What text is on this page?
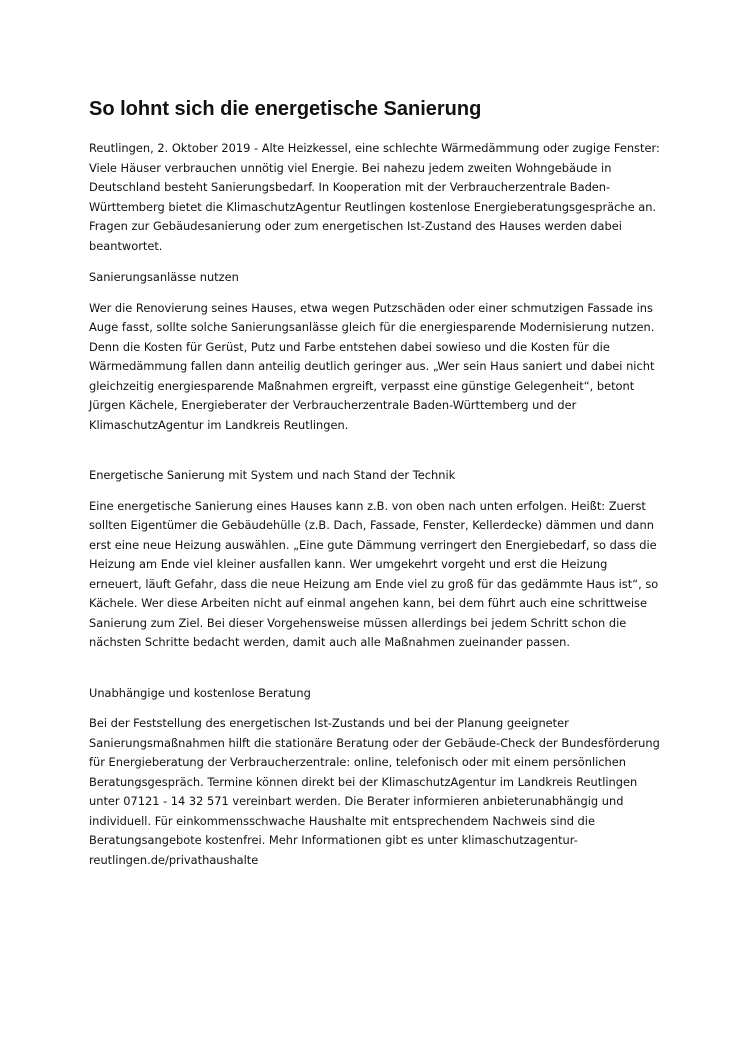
So lohnt sich die energetische Sanierung

Reutlingen, 2. Oktober 2019 - Alte Heizkessel, eine schlechte Wärmedämmung oder zugige Fenster: Viele Häuser verbrauchen unnötig viel Energie. Bei nahezu jedem zweiten Wohngebäude in Deutschland besteht Sanierungsbedarf. In Kooperation mit der Verbraucherzentrale Baden-Württemberg bietet die KlimaschutzAgentur Reutlingen kostenlose Energieberatungsgespräche an. Fragen zur Gebäudesanierung oder zum energetischen Ist-Zustand des Hauses werden dabei beantwortet.

Sanierungsanlässe nutzen

Wer die Renovierung seines Hauses, etwa wegen Putzschäden oder einer schmutzigen Fassade ins Auge fasst, sollte solche Sanierungsanlässe gleich für die energiesparende Modernisierung nutzen. Denn die Kosten für Gerüst, Putz und Farbe entstehen dabei sowieso und die Kosten für die Wärmedämmung fallen dann anteilig deutlich geringer aus. „Wer sein Haus saniert und dabei nicht gleichzeitig energiesparende Maßnahmen ergreift, verpasst eine günstige Gelegenheit“, betont Jürgen Kächele, Energieberater der Verbraucherzentrale Baden-Württemberg und der KlimaschutzAgentur im Landkreis Reutlingen.

Energetische Sanierung mit System und nach Stand der Technik

Eine energetische Sanierung eines Hauses kann z.B. von oben nach unten erfolgen. Heißt: Zuerst sollten Eigentümer die Gebäudehülle (z.B. Dach, Fassade, Fenster, Kellerdecke) dämmen und dann erst eine neue Heizung auswählen. „Eine gute Dämmung verringert den Energiebedarf, so dass die Heizung am Ende viel kleiner ausfallen kann. Wer umgekehrt vorgeht und erst die Heizung erneuert, läuft Gefahr, dass die neue Heizung am Ende viel zu groß für das gedämmte Haus ist“, so Kächele. Wer diese Arbeiten nicht auf einmal angehen kann, bei dem führt auch eine schrittweise Sanierung zum Ziel. Bei dieser Vorgehensweise müssen allerdings bei jedem Schritt schon die nächsten Schritte bedacht werden, damit auch alle Maßnahmen zueinander passen.

Unabhängige und kostenlose Beratung

Bei der Feststellung des energetischen Ist-Zustands und bei der Planung geeigneter Sanierungsmaßnahmen hilft die stationäre Beratung oder der Gebäude-Check der Bundesförderung für Energieberatung der Verbraucherzentrale: online, telefonisch oder mit einem persönlichen Beratungsgespräch. Termine können direkt bei der KlimaschutzAgentur im Landkreis Reutlingen unter 07121 - 14 32 571 vereinbart werden. Die Berater informieren anbieterunabhängig und individuell. Für einkommensschwache Haushalte mit entsprechendem Nachweis sind die Beratungsangebote kostenfrei. Mehr Informationen gibt es unter klimaschutzagentur-reutlingen.de/privathaushalte
